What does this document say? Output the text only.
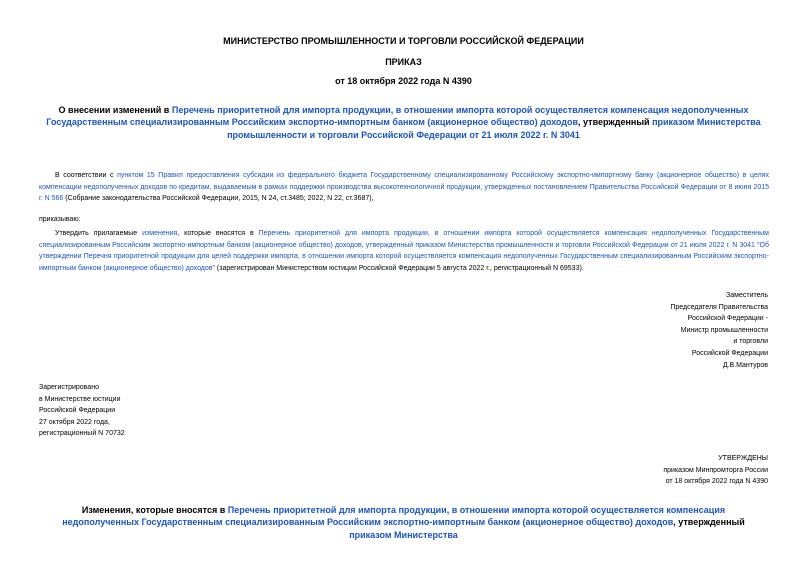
МИНИСТЕРСТВО ПРОМЫШЛЕННОСТИ И ТОРГОВЛИ РОССИЙСКОЙ ФЕДЕРАЦИИ
ПРИКАЗ
от 18 октября 2022 года N 4390
О внесении изменений в Перечень приоритетной для импорта продукции, в отношении импорта которой осуществляется компенсация недополученных Государственным специализированным Российским экспортно-импортным банком (акционерное общество) доходов, утвержденный приказом Министерства промышленности и торговли Российской Федерации от 21 июля 2022 г. N 3041
В соответствии с пунктом 15 Правил предоставления субсидии из федерального бюджета Государственному специализированному Российскому экспортно-импортному банку (акционерное общество) в целях компенсации недополученных доходов по кредитам, выдаваемым в рамках поддержки производства высокотехнологичной продукции, утвержденных постановлением Правительства Российской Федерации от 8 июня 2015 г. N 566 (Собрание законодательства Российской Федерации, 2015, N 24, ст.3485; 2022, N 22, ст.3687),
приказываю:
Утвердить прилагаемые изменения, которые вносятся в Перечень приоритетной для импорта продукции, в отношении импорта которой осуществляется компенсация недополученных Государственным специализированным Российским экспортно-импортным банком (акционерное общество) доходов, утвержденный приказом Министерства промышленности и торговли Российской Федерации от 21 июля 2022 г. N 3041 "Об утверждении Перечня приоритетной продукции для целей поддержки импорта, в отношении импорта которой осуществляется компенсация недополученных Государственным специализированным Российским экспортно-импортным банком (акционерное общество) доходов" (зарегистрирован Министерством юстиции Российской Федерации 5 августа 2022 г., регистрационный N 69533).
Заместитель
Председателя Правительства
Российской Федерации -
Министр промышленности
и торговли
Российской Федерации
Д.В.Мантуров
Зарегистрировано
в Министерстве юстиции
Российской Федерации
27 октября 2022 года,
регистрационный N 70732
УТВЕРЖДЕНЫ
приказом Минпромторга России
от 18 октября 2022 года N 4390
Изменения, которые вносятся в Перечень приоритетной для импорта продукции, в отношении импорта которой осуществляется компенсация недополученных Государственным специализированным Российским экспортно-импортным банком (акционерное общество) доходов, утвержденный приказом Министерства
